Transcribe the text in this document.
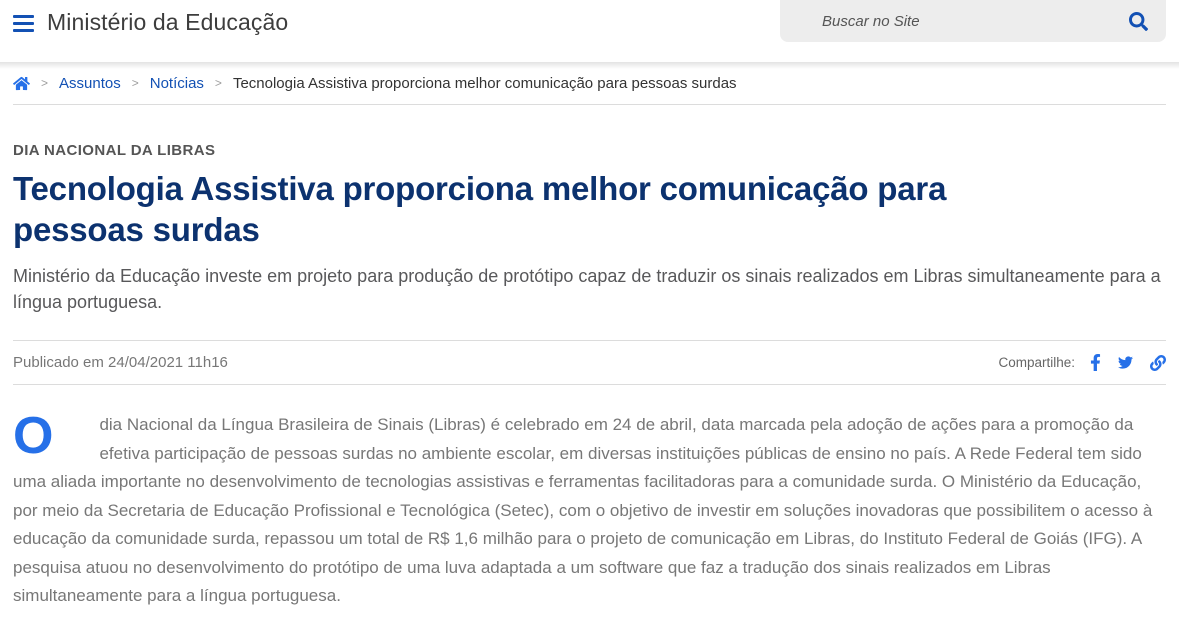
Ministério da Educação
Buscar no Site
> Assuntos > Notícias > Tecnologia Assistiva proporciona melhor comunicação para pessoas surdas
DIA NACIONAL DA LIBRAS
Tecnologia Assistiva proporciona melhor comunicação para pessoas surdas

Ministério da Educação investe em projeto para produção de protótipo capaz de traduzir os sinais realizados em Libras simultaneamente para a língua portuguesa.

Publicado em 24/04/2021 11h16	Compartilhe:

O	dia Nacional da Língua Brasileira de Sinais (Libras) é celebrado em 24 de abril, data marcada pela adoção de ações para a promoção da efetiva participação de pessoas surdas no ambiente escolar, em diversas instituições públicas de ensino no país. A Rede Federal tem sido uma aliada importante no desenvolvimento de tecnologias assistivas e ferramentas facilitadoras para a comunidade surda. O Ministério da Educação, por meio da Secretaria de Educação Profissional e Tecnológica (Setec), com o objetivo de investir em soluções inovadoras que possibilitem o acesso à educação da comunidade surda, repassou um total de R$ 1,6 milhão para o projeto de comunicação em Libras, do Instituto Federal de Goiás (IFG). A pesquisa atuou no desenvolvimento do protótipo de uma luva adaptada a um software que faz a tradução dos sinais realizados em Libras simultaneamente para a língua portuguesa.
